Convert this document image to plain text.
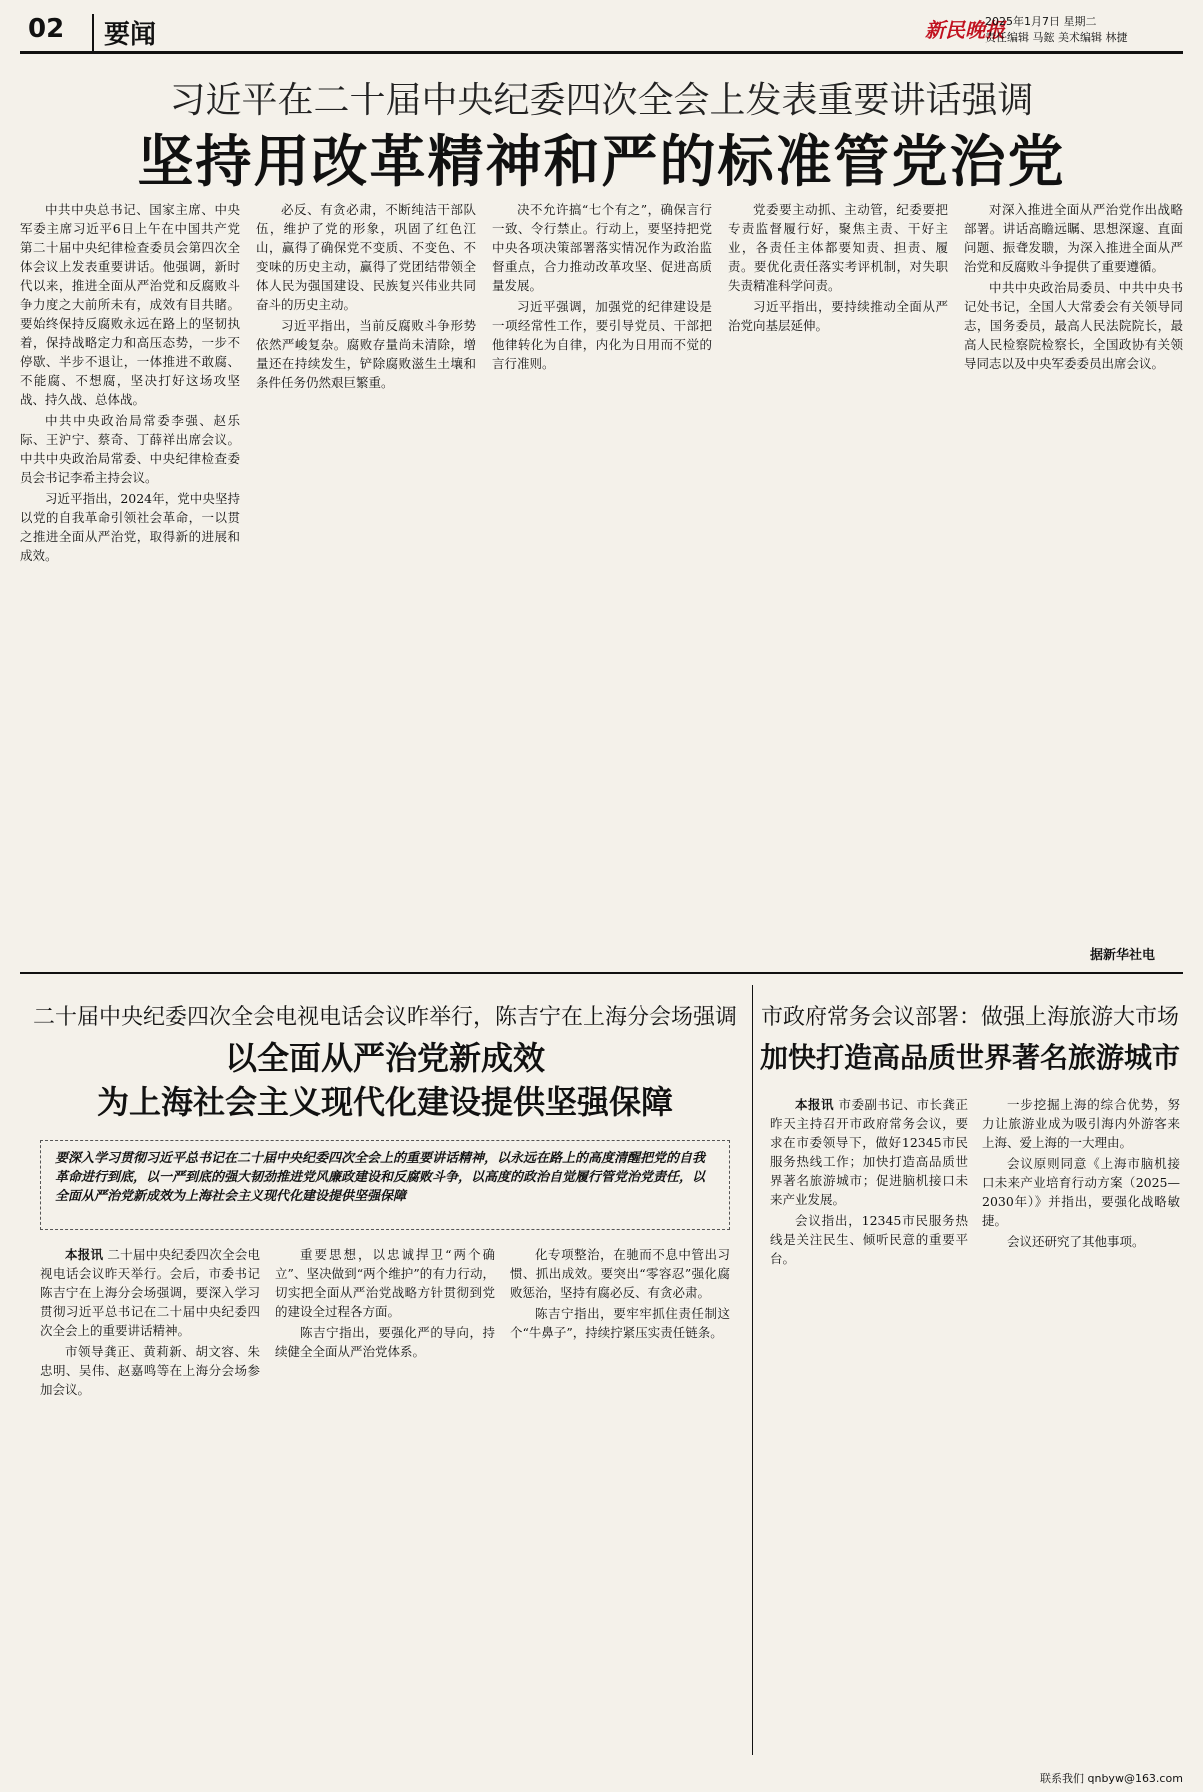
02	要闻	新民晚报
2025年1月7日 星期二
责任编辑 马鋐 美术编辑 林捷
习近平在二十届中央纪委四次全会上发表重要讲话强调
坚持用改革精神和严的标准管党治党

中共中央总书记、国家主席、中央军委主席习近平6日上午在中国共产党第二十届中央纪律检查委员会第四次全体会议上发表重要讲话。他强调，新时代以来，推进全面从严治党和反腐败斗争力度之大前所未有，成效有目共睹。要始终保持反腐败永远在路上的坚韧执着，保持战略定力和高压态势，一步不停歇、半步不退让，一体推进不敢腐、不能腐、不想腐，坚决打好这场攻坚战、持久战、总体战。

中共中央政治局常委李强、赵乐际、王沪宁、蔡奇、丁薛祥出席会议。中共中央政治局常委、中央纪律检查委员会书记李希主持会议。

习近平指出，2024年，党中央坚持以党的自我革命引领社会革命，一以贯之推进全面从严治党，取得新的进展和成效。

必反、有贪必肃，不断纯洁干部队伍，维护了党的形象，巩固了红色江山，赢得了确保党不变质、不变色、不变味的历史主动，赢得了党团结带领全体人民为强国建设、民族复兴伟业共同奋斗的历史主动。

习近平指出，当前反腐败斗争形势依然严峻复杂。腐败存量尚未清除，增量还在持续发生，铲除腐败滋生土壤和条件任务仍然艰巨繁重。

决不允许搞“七个有之”，确保言行一致、令行禁止。行动上，要坚持把党中央各项决策部署落实情况作为政治监督重点，合力推动改革攻坚、促进高质量发展。

习近平强调，加强党的纪律建设是一项经常性工作，要引导党员、干部把他律转化为自律，内化为日用而不觉的言行准则。

党委要主动抓、主动管，纪委要把专责监督履行好，聚焦主责、干好主业，各责任主体都要知责、担责、履责。要优化责任落实考评机制，对失职失责精准科学问责。

习近平指出，要持续推动全面从严治党向基层延伸。

对深入推进全面从严治党作出战略部署。讲话高瞻远瞩、思想深邃、直面问题、振聋发聩，为深入推进全面从严治党和反腐败斗争提供了重要遵循。

中共中央政治局委员、中共中央书记处书记，全国人大常委会有关领导同志，国务委员，最高人民法院院长，最高人民检察院检察长，全国政协有关领导同志以及中央军委委员出席会议。

据新华社电
二十届中央纪委四次全会电视电话会议昨举行，陈吉宁在上海分会场强调
以全面从严治党新成效
为上海社会主义现代化建设提供坚强保障
要深入学习贯彻习近平总书记在二十届中央纪委四次全会上的重要讲话精神，以永远在路上的高度清醒把党的自我革命进行到底，以一严到底的强大韧劲推进党风廉政建设和反腐败斗争，以高度的政治自觉履行管党治党责任，以全面从严治党新成效为上海社会主义现代化建设提供坚强保障

本报讯 二十届中央纪委四次全会电视电话会议昨天举行。会后，市委书记陈吉宁在上海分会场强调，要深入学习贯彻习近平总书记在二十届中央纪委四次全会上的重要讲话精神。

市领导龚正、黄莉新、胡文容、朱忠明、吴伟、赵嘉鸣等在上海分会场参加会议。

重要思想，以忠诚捍卫“两个确立”、坚决做到“两个维护”的有力行动，切实把全面从严治党战略方针贯彻到党的建设全过程各方面。

陈吉宁指出，要强化严的导向，持续健全全面从严治党体系。

化专项整治，在驰而不息中管出习惯、抓出成效。要突出“零容忍”强化腐败惩治，坚持有腐必反、有贪必肃。

陈吉宁指出，要牢牢抓住责任制这个“牛鼻子”，持续拧紧压实责任链条。

市政府常务会议部署：做强上海旅游大市场
加快打造高品质世界著名旅游城市

本报讯 市委副书记、市长龚正昨天主持召开市政府常务会议，要求在市委领导下，做好12345市民服务热线工作；加快打造高品质世界著名旅游城市；促进脑机接口未来产业发展。

会议指出，12345市民服务热线是关注民生、倾听民意的重要平台。

一步挖掘上海的综合优势，努力让旅游业成为吸引海内外游客来上海、爱上海的一大理由。

会议原则同意《上海市脑机接口未来产业培育行动方案（2025—2030年）》并指出，要强化战略敏捷。

会议还研究了其他事项。

联系我们 qnbyw@163.com
